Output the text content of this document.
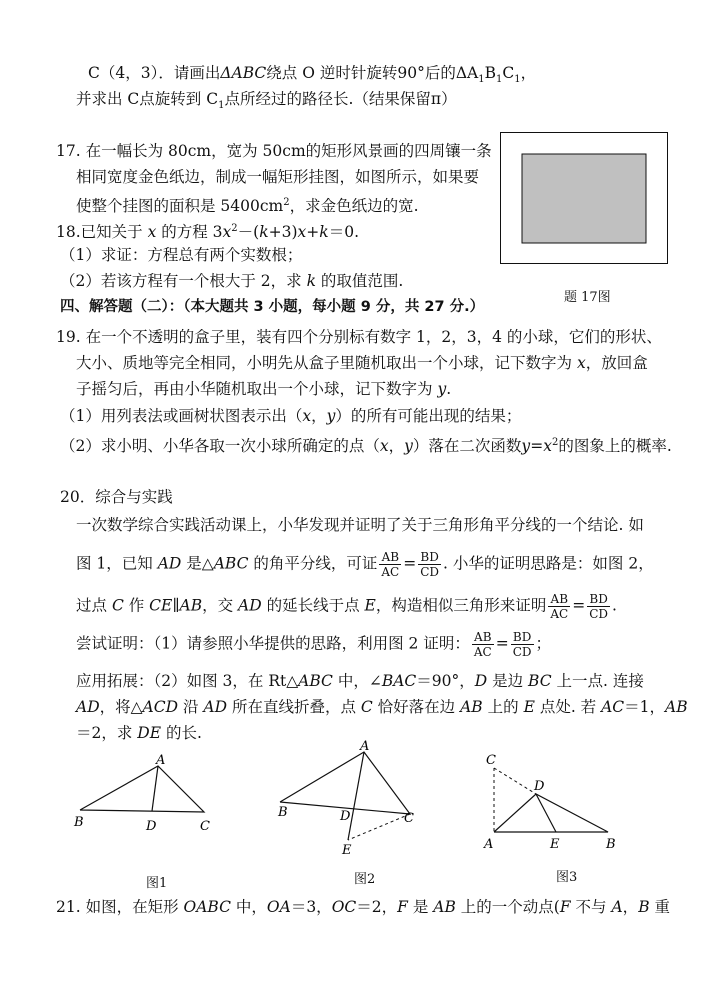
C（4，3）．请画出ΔABC绕点 O 逆时针旋转90°后的$\Delta A_1B_1C_1$，
并求出 C点旋转到 $C_1$点所经过的路径长.（结果保留π）
17. 在一幅长为 80cm，宽为 50cm的矩形风景画的四周镶一条
相同宽度金色纸边，制成一幅矩形挂图，如图所示，如果要
使整个挂图的面积是 $5400cm^2$，求金色纸边的宽.
题 17图
18.已知关于 x 的方程 $3x^2-(k+3)x+k=0$.
（1）求证：方程总有两个实数根；
（2）若该方程有一个根大于 2，求 k 的取值范围.
四、解答题（二）：（本大题共 3 小题，每小题 9 分，共 27 分.）
19. 在一个不透明的盒子里，装有四个分别标有数字 1，2，3，4 的小球，它们的形状、
大小、质地等完全相同，小明先从盒子里随机取出一个小球，记下数字为 x，放回盒
子摇匀后，再由小华随机取出一个小球，记下数字为 y.
（1）用列表法或画树状图表示出（x，y）的所有可能出现的结果；
（2）求小明、小华各取一次小球所确定的点（x，y）落在二次函数$y=x^2$的图象上的概率.
20．综合与实践
一次数学综合实践活动课上，小华发现并证明了关于三角形角平分线的一个结论. 如
图 1，已知 AD 是△ABC 的角平分线，可证 $\frac{AB}{AC} = \frac{BD}{CD}$ . 小华的证明思路是：如图 2，
过点 C 作 CE∥AB，交 AD 的延长线于点 E，构造相似三角形来证明 $\frac{AB}{AC} = \frac{BD}{CD}$ .
尝试证明：（1）请参照小华提供的思路，利用图 2 证明： $\frac{AB}{AC} = \frac{BD}{CD}$ ；
应用拓展：（2）如图 3，在 Rt△ABC 中，∠BAC＝90°，D 是边 BC 上一点. 连接
AD，将△ACD 沿 AD 所在直线折叠，点 C 恰好落在边 AB 上的 E 点处. 若 AC＝1，AB
＝2，求 DE 的长.
A
B	D	C
图1
A
B	D	C
E
图2
C
D
A	E	B
图3
21. 如图，在矩形 OABC 中，OA＝3，OC＝2，F 是 AB 上的一个动点(F 不与 A，B 重
